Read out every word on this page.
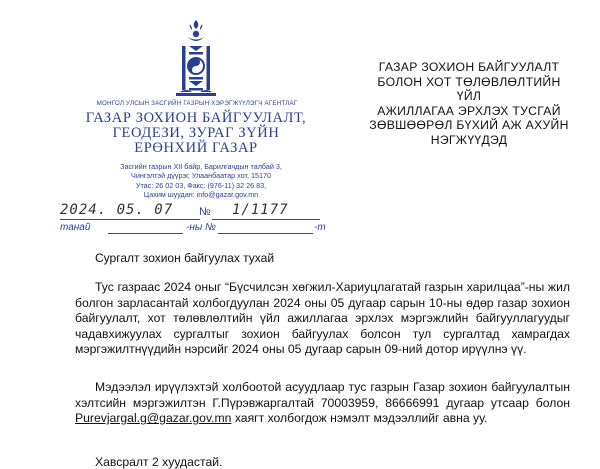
МОНГОЛ УЛСЫН ЗАСГИЙН ГАЗРЫН ХЭРЭГЖҮҮЛЭГЧ АГЕНТЛАГ
ГАЗАР ЗОХИОН БАЙГУУЛАЛТ,
ГЕОДЕЗИ, ЗУРАГ ЗҮЙН
ЕРӨНХИЙ ГАЗАР
Засгийн газрын XII байр, Барилгачдын талбай 3,
Чингэлтэй дүүрэг, Улаанбаатар хот, 15170
Утас: 26 02 03, Факс: (976-11) 32 26 83,
Цахим шуудан: info@gazar.gov.mn
ГАЗАР ЗОХИОН БАЙГУУЛАЛТ
БОЛОН ХОТ ТӨЛӨВЛӨЛТИЙН ҮЙЛ
АЖИЛЛАГАА ЭРХЛЭХ ТУСГАЙ
ЗӨВШӨӨРӨЛ БҮХИЙ АЖ АХУЙН
НЭГЖҮҮДЭД
2024. 05. 07 № 1/1177
танай	-ны №	-т
Сургалт зохион байгуулах тухай
Тус газраас 2024 оныг “Бүсчилсэн хөгжил-Хариуцлагатай газрын харилцаа”-ны жил болгон зарласантай холбогдуулан 2024 оны 05 дугаар сарын 10-ны өдөр газар зохион байгуулалт, хот төлөвлөлтийн үйл ажиллагаа эрхлэх мэргэжлийн байгууллагуудыг чадавхижуулах сургалтыг зохион байгуулах болсон тул сургалтад хамрагдах мэргэжилтнүүдийн нэрсийг 2024 оны 05 дугаар сарын 09-ний дотор ирүүлнэ үү.
Мэдээлэл ирүүлэхтэй холбоотой асуудлаар тус газрын Газар зохион байгуулалтын хэлтсийн мэргэжилтэн Г.Пүрэвжаргалтай 70003959, 86666991 дугаар утсаар болон Purevjargal.g@gazar.gov.mn хаягт холбогдож нэмэлт мэдээллийг авна уу.
Хавсралт 2 хуудастай.
